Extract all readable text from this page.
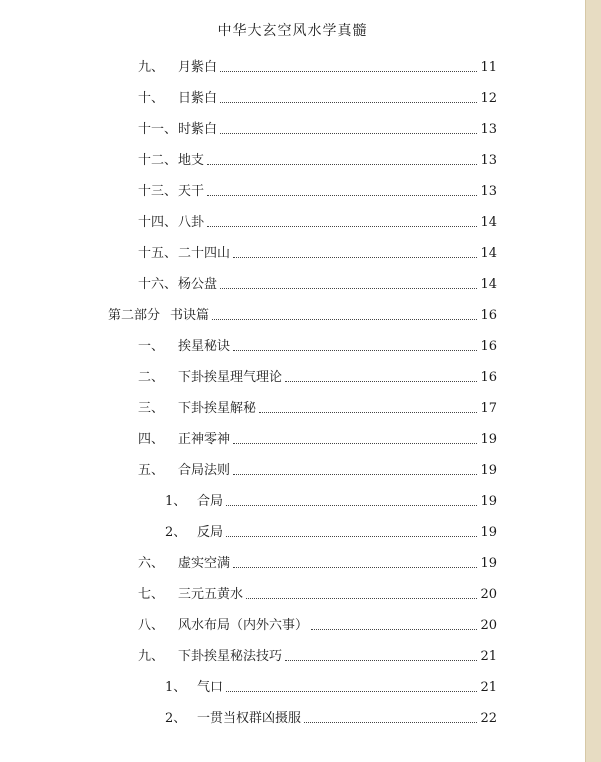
中华大玄空风水学真髓
九、	月紫白	11
十、	日紫白	12
十一、 时紫白	13
十二、 地支	13
十三、 天干	13
十四、 八卦	14
十五、 二十四山	14
十六、 杨公盘	14
第二部分 书诀篇	16
一、	挨星秘诀	16
二、	下卦挨星理气理论	16
三、	下卦挨星解秘	17
四、	正神零神	19
五、	合局法则	19
1、 合局	19
2、 反局	19
六、	虚实空满	19
七、	三元五黄水	20
八、	风水布局（内外六事）	20
九、	下卦挨星秘法技巧	21
1、 气口	21
2、 一贯当权群凶摄服	22
